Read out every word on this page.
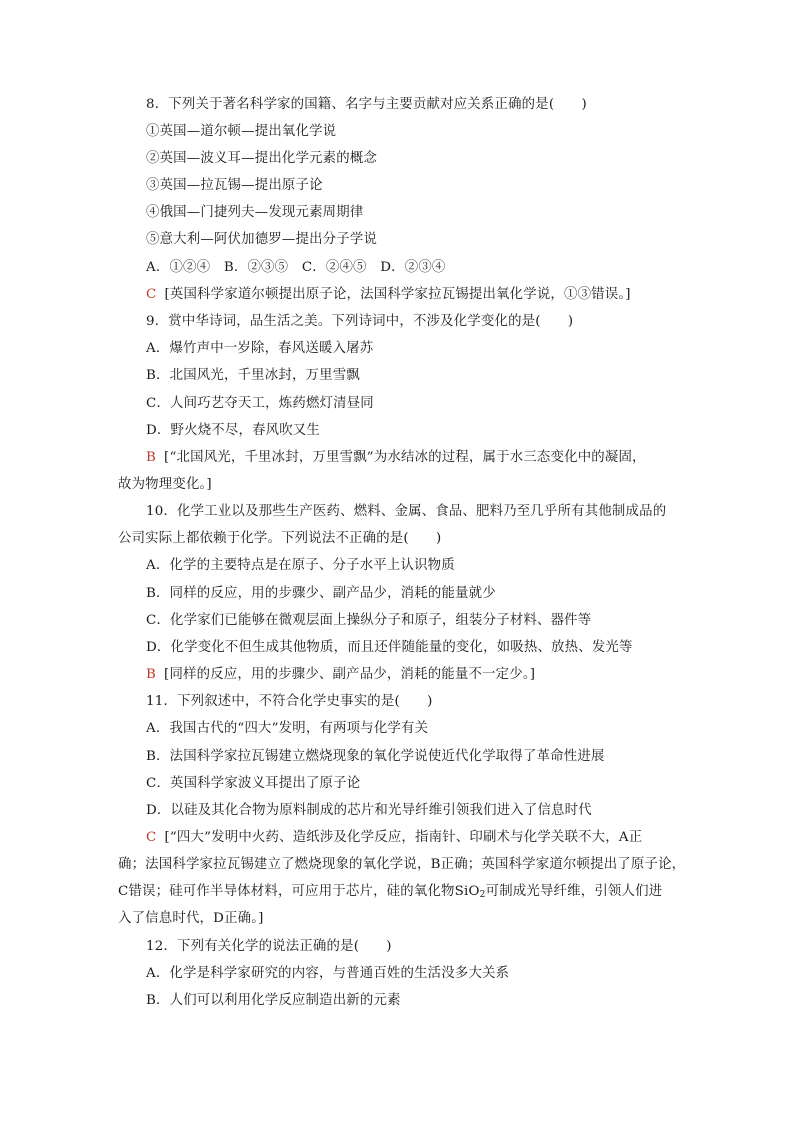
8．下列关于著名科学家的国籍、名字与主要贡献对应关系正确的是(　　)
①英国—道尔顿—提出氧化学说
②英国—波义耳—提出化学元素的概念
③英国—拉瓦锡—提出原子论
④俄国—门捷列夫—发现元素周期律
⑤意大利—阿伏加德罗—提出分子学说
A．①②④　B．②③⑤　C．②④⑤　D．②③④
C [英国科学家道尔顿提出原子论，法国科学家拉瓦锡提出氧化学说，①③错误。]
9．赏中华诗词，品生活之美。下列诗词中，不涉及化学变化的是(　　)
A．爆竹声中一岁除，春风送暖入屠苏
B．北国风光，千里冰封，万里雪飘
C．人间巧艺夺天工，炼药燃灯清昼同
D．野火烧不尽，春风吹又生
B [“北国风光，千里冰封，万里雪飘”为水结冰的过程，属于水三态变化中的凝固，
故为物理变化。]
10．化学工业以及那些生产医药、燃料、金属、食品、肥料乃至几乎所有其他制成品的
公司实际上都依赖于化学。下列说法不正确的是(　　)
A．化学的主要特点是在原子、分子水平上认识物质
B．同样的反应，用的步骤少、副产品少，消耗的能量就少
C．化学家们已能够在微观层面上操纵分子和原子，组装分子材料、器件等
D．化学变化不但生成其他物质，而且还伴随能量的变化，如吸热、放热、发光等
B [同样的反应，用的步骤少、副产品少，消耗的能量不一定少。]
11．下列叙述中，不符合化学史事实的是(　　)
A．我国古代的“四大”发明，有两项与化学有关
B．法国科学家拉瓦锡建立燃烧现象的氧化学说使近代化学取得了革命性进展
C．英国科学家波义耳提出了原子论
D．以硅及其化合物为原料制成的芯片和光导纤维引领我们进入了信息时代
C [“四大”发明中火药、造纸涉及化学反应，指南针、印刷术与化学关联不大，A正
确；法国科学家拉瓦锡建立了燃烧现象的氧化学说，B正确；英国科学家道尔顿提出了原子论，
C错误；硅可作半导体材料，可应用于芯片，硅的氧化物SiO$_2$可制成光导纤维，引领人们进
入了信息时代，D正确。]
12．下列有关化学的说法正确的是(　　)
A．化学是科学家研究的内容，与普通百姓的生活没多大关系
B．人们可以利用化学反应制造出新的元素
